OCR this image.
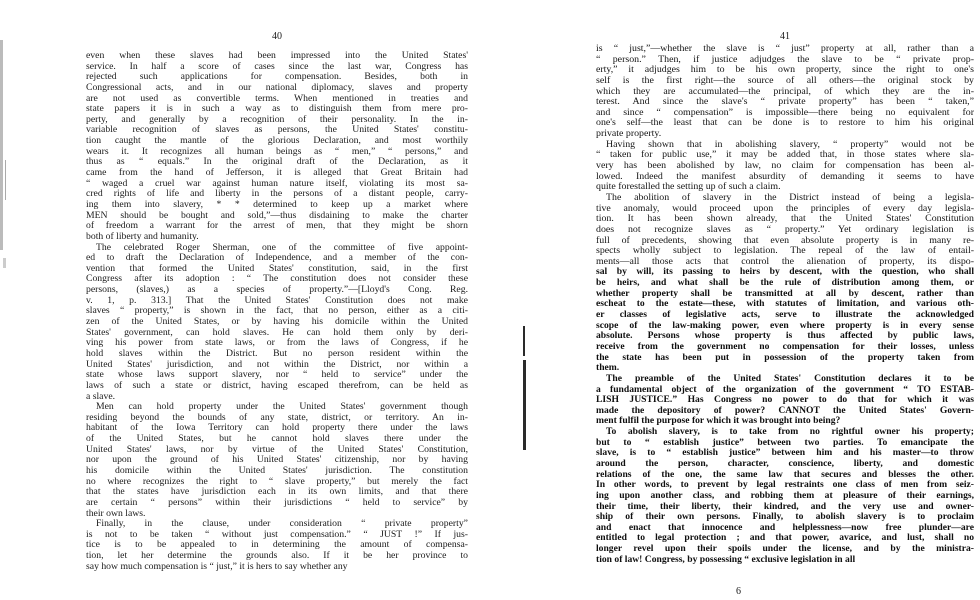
40
even when these slaves had been impressed into the United States'
service. In half a score of cases since the last war, Congress has
rejected such applications for compensation. Besides, both in
Congressional acts, and in our national diplomacy, slaves and property
are not used as convertible terms. When mentioned in treaties and
state papers it is in such a way as to distinguish them from mere pro-
perty, and generally by a recognition of their personality. In the in-
variable recognition of slaves as persons, the United States' constitu-
tion caught the mantle of the glorious Declaration, and most worthily
wears it. It recognizes all human beings as “ men,” “ persons,” and
thus as “ equals.” In the original draft of the Declaration, as it
came from the hand of Jefferson, it is alleged that Great Britain had
“ waged a cruel war against human nature itself, violating its most sa-
cred rights of life and liberty in the persons of a distant people, carry-
ing them into slavery, * * determined to keep up a market where
MEN should be bought and sold,”—thus disdaining to make the charter
of freedom a warrant for the arrest of men, that they might be shorn
both of liberty and humanity.
The celebrated Roger Sherman, one of the committee of five appoint-
ed to draft the Declaration of Independence, and a member of the con-
vention that formed the United States' constitution, said, in the first
Congress after its adoption : “ The constitution does not consider these
persons, (slaves,) as a species of property.”—[Lloyd's Cong. Reg.
v. 1, p. 313.] That the United States' Constitution does not make
slaves “ property,” is shown in the fact, that no person, either as a citi-
zen of the United States, or by having his domicile within the United
States' government, can hold slaves. He can hold them only by deri-
ving his power from state laws, or from the laws of Congress, if he
hold slaves within the District. But no person resident within the
United States' jurisdiction, and not within the District, nor within a
state whose laws support slavery, nor “ held to service” under the
laws of such a state or district, having escaped therefrom, can be held as
a slave.
Men can hold property under the United States' government though
residing beyond the bounds of any state, district, or territory. An in-
habitant of the Iowa Territory can hold property there under the laws
of the United States, but he cannot hold slaves there under the
United States' laws, nor by virtue of the United States' Constitution,
nor upon the ground of his United States' citizenship, nor by having
his domicile within the United States' jurisdiction. The constitution
no where recognizes the right to “ slave property,” but merely the fact
that the states have jurisdiction each in its own limits, and that there
are certain “ persons” within their jurisdictions “ held to service” by
their own laws.
Finally, in the clause, under consideration “ private property”
is not to be taken “ without just compensation.” “ JUST !” If jus-
tice is to be appealed to in determining the amount of compensa-
tion, let her determine the grounds also. If it be her province to
say how much compensation is “ just,” it is hers to say whether any
41
is “ just,”—whether the slave is “ just” property at all, rather than a
“ person.” Then, if justice adjudges the slave to be “ private prop-
erty,” it adjudges him to be his own property, since the right to one's
self is the first right—the source of all others—the original stock by
which they are accumulated—the principal, of which they are the in-
terest. And since the slave's “ private property” has been “ taken,”
and since “ compensation” is impossible—there being no equivalent for
one's self—the least that can be done is to restore to him his original
private property.
Having shown that in abolishing slavery, “ property” would not be
“ taken for public use,” it may be added that, in those states where sla-
very has been abolished by law, no claim for compensation has been al-
lowed. Indeed the manifest absurdity of demanding it seems to have
quite forestalled the setting up of such a claim.
The abolition of slavery in the District instead of being a legisla-
tive anomaly, would proceed upon the principles of every day legisla-
tion. It has been shown already, that the United States' Constitution
does not recognize slaves as “ property.” Yet ordinary legislation is
full of precedents, showing that even absolute property is in many re-
spects wholly subject to legislation. The repeal of the law of entail-
ments—all those acts that control the alienation of property, its dispo-
sal by will, its passing to heirs by descent, with the question, who shall
be heirs, and what shall be the rule of distribution among them, or
whether property shall be transmitted at all by descent, rather than
escheat to the estate—these, with statutes of limitation, and various oth-
er classes of legislative acts, serve to illustrate the acknowledged
scope of the law-making power, even where property is in every sense
absolute. Persons whose property is thus affected by public laws,
receive from the government no compensation for their losses, unless
the state has been put in possession of the property taken from
them.
The preamble of the United States' Constitution declares it to be
a fundamental object of the organization of the government “ TO ESTAB-
LISH JUSTICE.” Has Congress no power to do that for which it was
made the depository of power? CANNOT the United States' Govern-
ment fulfil the purpose for which it was brought into being?
To abolish slavery, is to take from no rightful owner his property;
but to “ establish justice” between two parties. To emancipate the
slave, is to “ establish justice” between him and his master—to throw
around the person, character, conscience, liberty, and domestic
relations of the one, the same law that secures and blesses the other.
In other words, to prevent by legal restraints one class of men from seiz-
ing upon another class, and robbing them at pleasure of their earnings,
their time, their liberty, their kindred, and the very use and owner-
ship of their own persons. Finally, to abolish slavery is to proclaim
and enact that innocence and helplessness—now free plunder—are
entitled to legal protection ; and that power, avarice, and lust, shall no
longer revel upon their spoils under the license, and by the ministra-
tion of law! Congress, by possessing “ exclusive legislation in all
6
